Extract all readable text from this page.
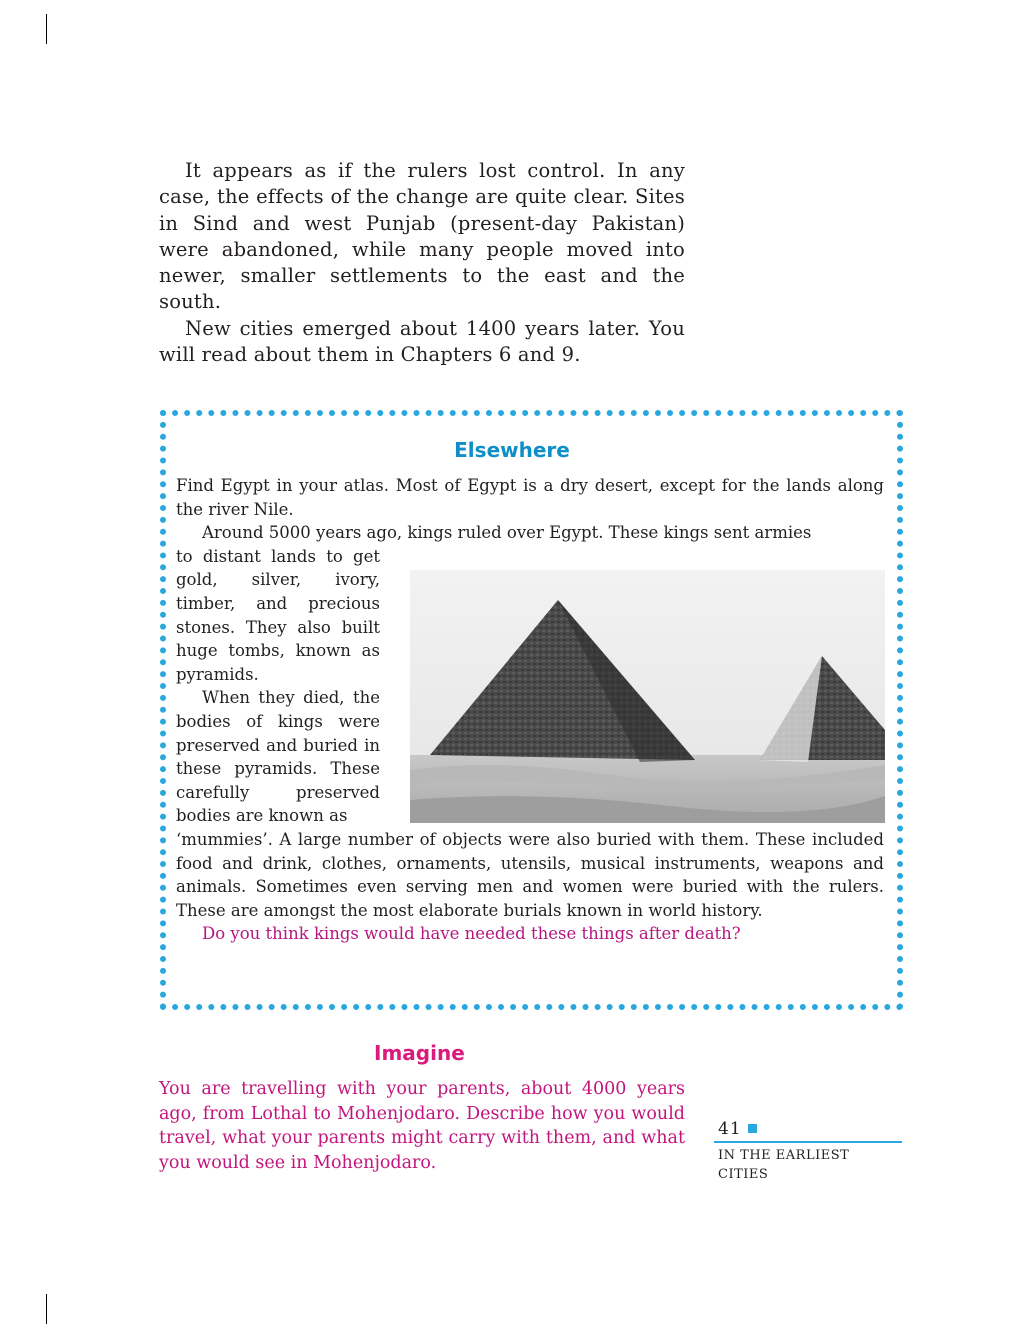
It appears as if the rulers lost control. In any case, the effects of the change are quite clear. Sites in Sind and west Punjab (present-day Pakistan) were abandoned, while many people moved into newer, smaller settlements to the east and the south.

New cities emerged about 1400 years later. You will read about them in Chapters 6 and 9.

Elsewhere

Find Egypt in your atlas. Most of Egypt is a dry desert, except for the lands along the river Nile.

Around 5000 years ago, kings ruled over Egypt. These kings sent armies

to distant lands to get gold, silver, ivory, timber, and precious stones. They also built huge tombs, known as pyramids.

When they died, the bodies of kings were preserved and buried in these pyramids. These carefully preserved bodies are known as

‘mummies’. A large number of objects were also buried with them. These included food and drink, clothes, ornaments, utensils, musical instruments, weapons and animals. Sometimes even serving men and women were buried with the rulers. These are amongst the most elaborate burials known in world history.

Do you think kings would have needed these things after death?

Imagine
You are travelling with your parents, about 4000 years ago, from Lothal to Mohenjodaro. Describe how you would travel, what your parents might carry with them, and what you would see in Mohenjodaro.
41
IN THE EARLIEST CITIES
